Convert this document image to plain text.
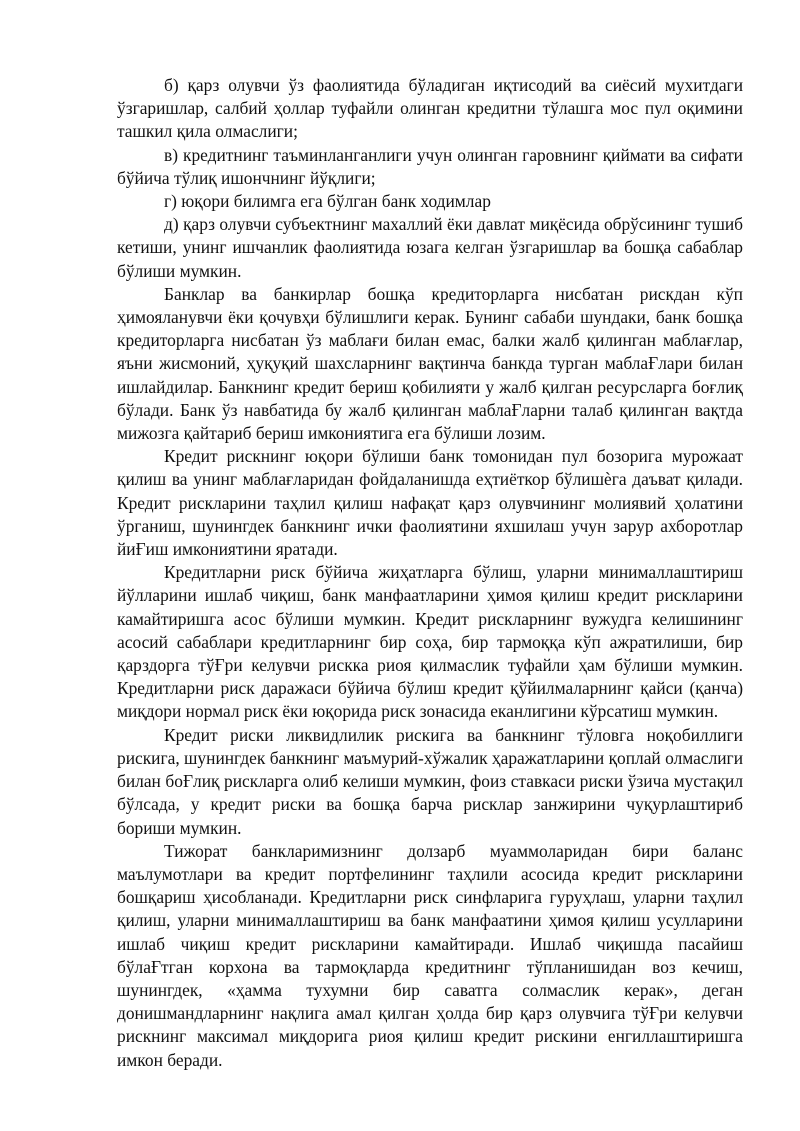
б) қарз олувчи ўз фаолиятида бўладиган иқтисодий ва сиёсий мухитдаги ўзгаришлар, салбий ҳоллар туфайли олинган кредитни тўлашга мос пул оқимини ташкил қила олмаслиги;

в) кредитнинг таъминланганлиги учун олинган гаровнинг қиймати ва сифати бўйича тўлиқ ишончнинг йўқлиги;

г) юқори билимга ега бўлган банк ходимлар

д) қарз олувчи субъектнинг махаллий ёки давлат миқёсида обрўсининг тушиб кетиши, унинг ишчанлик фаолиятида юзага келган ўзгаришлар ва бошқа сабаблар бўлиши мумкин.

Банклар ва банкирлар бошқа кредиторларга нисбатан рискдан кўп ҳимояланувчи ёки қочувҳи бўлишлиги керак. Бунинг сабаби шундаки, банк бошқа кредиторларга нисбатан ўз маблағи билан емас, балки жалб қилинган маблағлар, яъни жисмоний, ҳуқуқий шахсларнинг вақтинча банкда турган маблаҒлари билан ишлайдилар. Банкнинг кредит бериш қобилияти у жалб қилган ресурсларга боғлиқ бўлади. Банк ўз навбатида бу жалб қилинган маблаҒларни талаб қилинган вақтда мижозга қайтариб бериш имкониятига ега бўлиши лозим.

Кредит рискнинг юқори бўлиши банк томонидан пул бозорига мурожаат қилиш ва унинг маблағларидан фойдаланишда еҳтиёткор бўлишѐга даъват қилади. Кредит рискларини таҳлил қилиш нафақат қарз олувчининг молиявий ҳолатини ўрганиш, шунингдек банкнинг ички фаолиятини яхшилаш учун зарур ахборотлар йиҒиш имкониятини яратади.

Кредитларни риск бўйича жиҳатларга бўлиш, уларни минималлаштириш йўлларини ишлаб чиқиш, банк манфаатларини ҳимоя қилиш кредит рискларини камайтиришга асос бўлиши мумкин. Кредит рискларнинг вужудга келишининг асосий сабаблари кредитларнинг бир соҳа, бир тармоққа кўп ажратилиши, бир қарздорга тўҒри келувчи рискка риоя қилмаслик туфайли ҳам бўлиши мумкин. Кредитларни риск даражаси бўйича бўлиш кредит қўйилмаларнинг қайси (қанча) миқдори нормал риск ёки юқорида риск зонасида еканлигини кўрсатиш мумкин.

Кредит риски ликвидлилик рискига ва банкнинг тўловга ноқобиллиги рискига, шунингдек банкнинг маъмурий-хўжалик ҳаражатларини қоплай олмаслиги билан боҒлиқ рискларга олиб келиши мумкин, фоиз ставкаси риски ўзича мустақил бўлсада, у кредит риски ва бошқа барча рисклар занжирини чуқурлаштириб бориши мумкин.

Тижорат банкларимизнинг долзарб муаммоларидан бири баланс маълумотлари ва кредит портфелининг таҳлили асосида кредит рискларини бошқариш ҳисобланади. Кредитларни риск синфларига гуруҳлаш, уларни таҳлил қилиш, уларни минималлаштириш ва банк манфаатини ҳимоя қилиш усулларини ишлаб чиқиш кредит рискларини камайтиради. Ишлаб чиқишда пасайиш бўлаҒтган корхона ва тармоқларда кредитнинг тўпланишидан воз кечиш, шунингдек, «ҳамма тухумни бир саватга солмаслик керак», деган донишмандларнинг нақлига амал қилган ҳолда бир қарз олувчига тўҒри келувчи рискнинг максимал миқдорига риоя қилиш кредит рискини енгиллаштиришга имкон беради.
